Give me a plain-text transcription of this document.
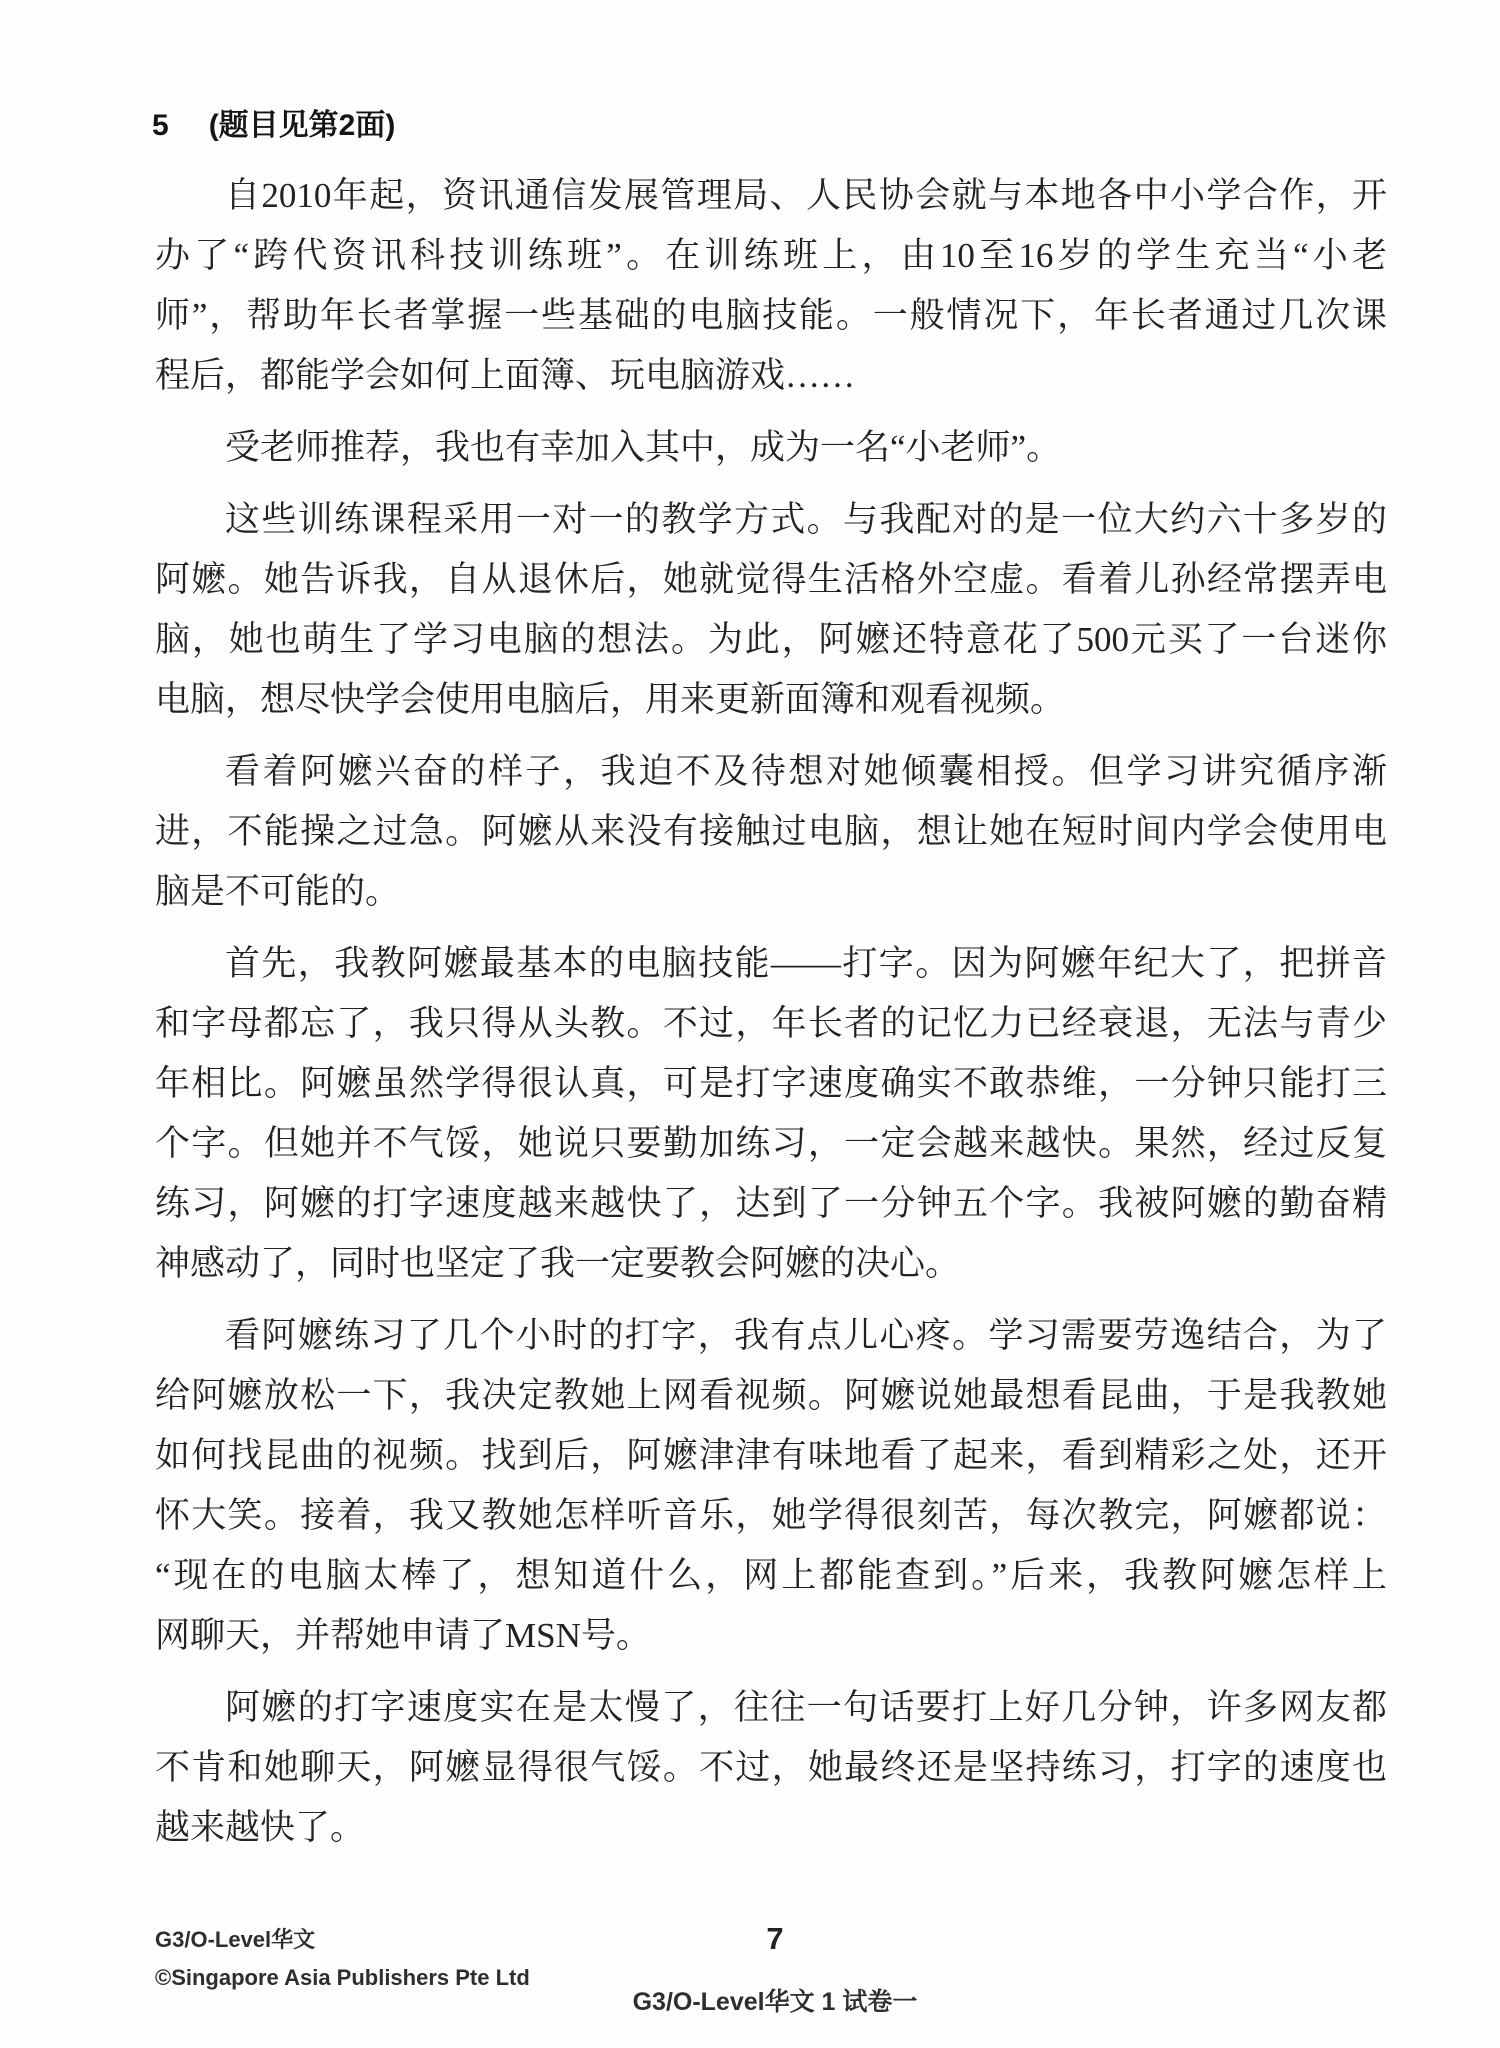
5 (题目见第2面)
自2010年起，资讯通信发展管理局、人民协会就与本地各中小学合作，开
办了“跨代资讯科技训练班”。在训练班上，由10至16岁的学生充当“小老
师”，帮助年长者掌握一些基础的电脑技能。一般情况下，年长者通过几次课
程后，都能学会如何上面簿、玩电脑游戏……
受老师推荐，我也有幸加入其中，成为一名“小老师”。
这些训练课程采用一对一的教学方式。与我配对的是一位大约六十多岁的
阿嬷。她告诉我，自从退休后，她就觉得生活格外空虚。看着儿孙经常摆弄电
脑，她也萌生了学习电脑的想法。为此，阿嬷还特意花了500元买了一台迷你
电脑，想尽快学会使用电脑后，用来更新面簿和观看视频。
看着阿嬷兴奋的样子，我迫不及待想对她倾囊相授。但学习讲究循序渐
进，不能操之过急。阿嬷从来没有接触过电脑，想让她在短时间内学会使用电
脑是不可能的。
首先，我教阿嬷最基本的电脑技能——打字。因为阿嬷年纪大了，把拼音
和字母都忘了，我只得从头教。不过，年长者的记忆力已经衰退，无法与青少
年相比。阿嬷虽然学得很认真，可是打字速度确实不敢恭维，一分钟只能打三
个字。但她并不气馁，她说只要勤加练习，一定会越来越快。果然，经过反复
练习，阿嬷的打字速度越来越快了，达到了一分钟五个字。我被阿嬷的勤奋精
神感动了，同时也坚定了我一定要教会阿嬷的决心。
看阿嬷练习了几个小时的打字，我有点儿心疼。学习需要劳逸结合，为了
给阿嬷放松一下，我决定教她上网看视频。阿嬷说她最想看昆曲，于是我教她
如何找昆曲的视频。找到后，阿嬷津津有味地看了起来，看到精彩之处，还开
怀大笑。接着，我又教她怎样听音乐，她学得很刻苦，每次教完，阿嬷都说：
“现在的电脑太棒了，想知道什么，网上都能查到。”后来，我教阿嬷怎样上
网聊天，并帮她申请了MSN号。
阿嬷的打字速度实在是太慢了，往往一句话要打上好几分钟，许多网友都
不肯和她聊天，阿嬷显得很气馁。不过，她最终还是坚持练习，打字的速度也
越来越快了。
G3/O-Level华文
©Singapore Asia Publishers Pte Ltd
7
G3/O-Level华文 1 试卷一
